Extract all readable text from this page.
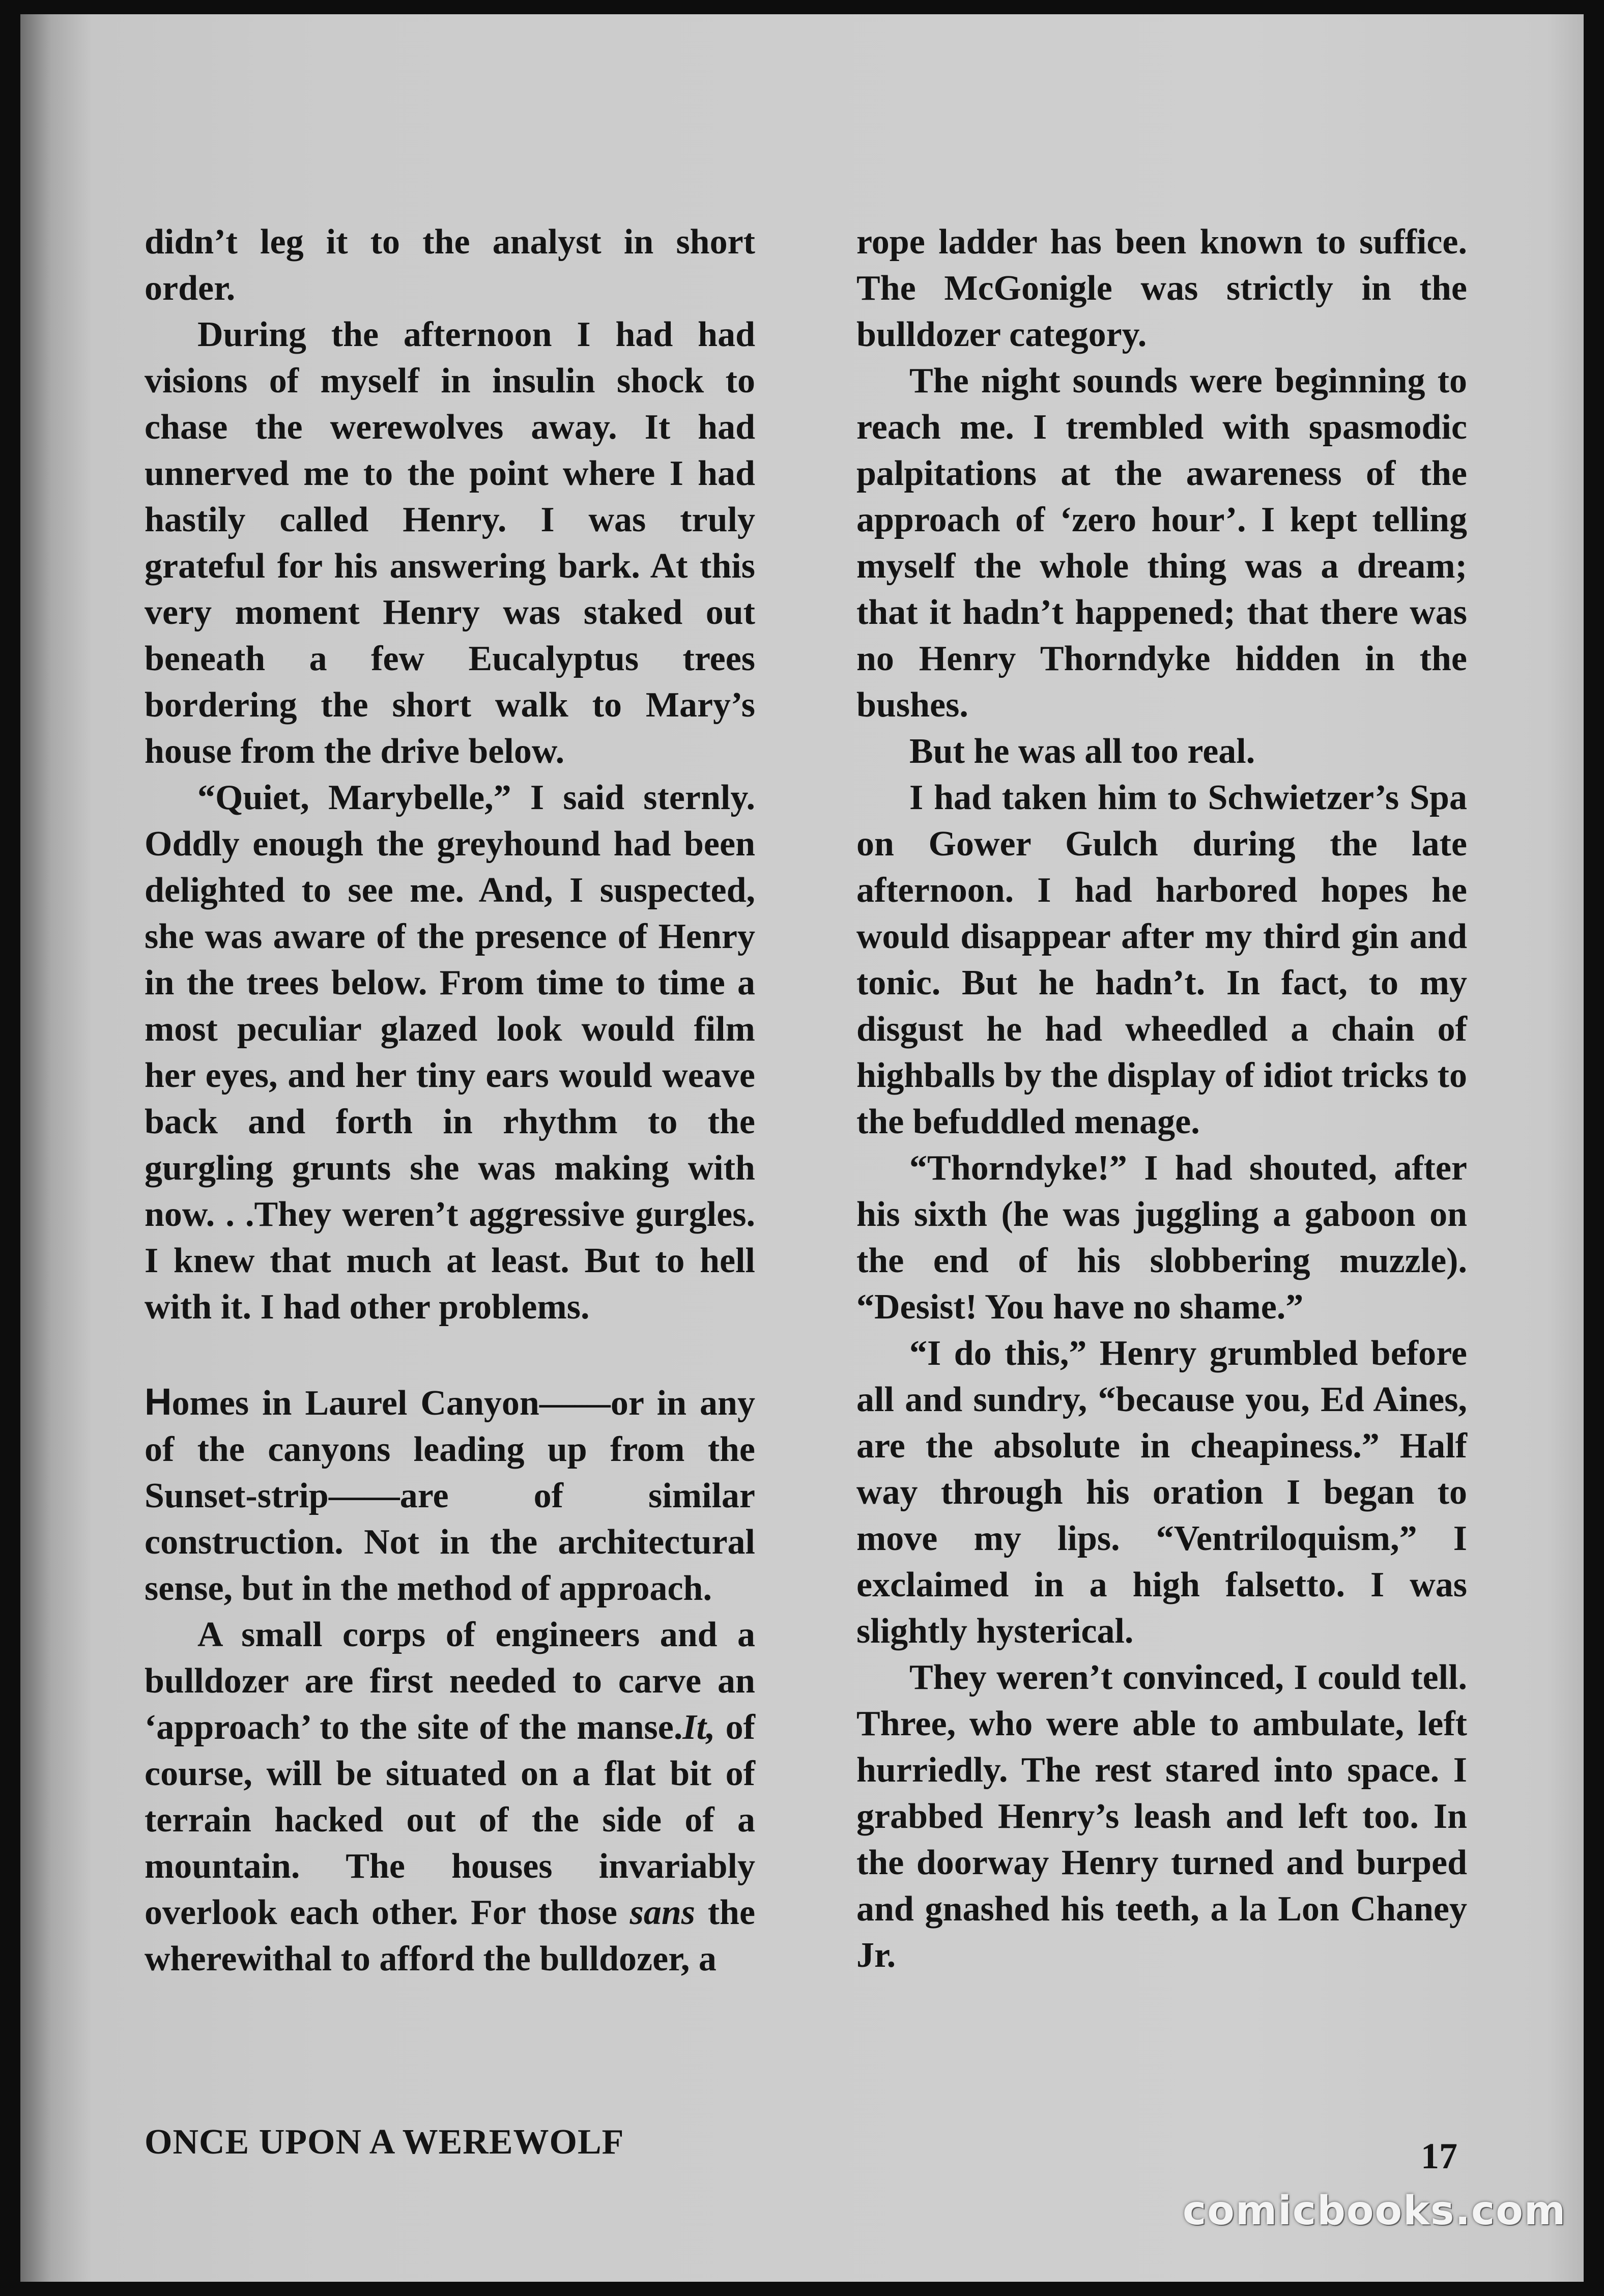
didn’t leg it to the analyst in short order.

During the afternoon I had had visions of myself in insulin shock to chase the werewolves away. It had unnerved me to the point where I had hastily called Henry. I was truly grateful for his answering bark. At this very moment Henry was staked out beneath a few Eucalyptus trees bordering the short walk to Mary’s house from the drive below.

“Quiet, Marybelle,” I said sternly. Oddly enough the greyhound had been delighted to see me. And, I suspected, she was aware of the presence of Henry in the trees below. From time to time a most peculiar glazed look would film her eyes, and her tiny ears would weave back and forth in rhythm to the gurgling grunts she was making with now. . .They weren’t aggressive gurgles. I knew that much at least. But to hell with it. I had other problems.

Homes in Laurel Canyon——or in any of the canyons leading up from the Sunset-strip——are of similar construction. Not in the architectural sense, but in the method of approach.

A small corps of engineers and a bulldozer are first needed to carve an ‘approach’ to the site of the manse.It, of course, will be situated on a flat bit of terrain hacked out of the side of a mountain. The houses invariably overlook each other. For those sans the wherewithal to afford the bulldozer, a

rope ladder has been known to suffice. The McGonigle was strictly in the bulldozer category.

The night sounds were beginning to reach me. I trembled with spasmodic palpitations at the awareness of the approach of ‘zero hour’. I kept telling myself the whole thing was a dream; that it hadn’t happened; that there was no Henry Thorndyke hidden in the bushes.

But he was all too real.

I had taken him to Schwietzer’s Spa on Gower Gulch during the late afternoon. I had harbored hopes he would disappear after my third gin and tonic. But he hadn’t. In fact, to my disgust he had wheedled a chain of highballs by the display of idiot tricks to the befuddled menage.

“Thorndyke!” I had shouted, after his sixth (he was juggling a gaboon on the end of his slobbering muzzle). “Desist! You have no shame.”

“I do this,” Henry grumbled before all and sundry, “because you, Ed Aines, are the absolute in cheapiness.” Half way through his oration I began to move my lips. “Ventriloquism,” I exclaimed in a high falsetto. I was slightly hysterical.

They weren’t convinced, I could tell. Three, who were able to ambulate, left hurriedly. The rest stared into space. I grabbed Henry’s leash and left too. In the doorway Henry turned and burped and gnashed his teeth, a la Lon Chaney Jr.

ONCE UPON A WEREWOLF	17
comicbooks.com
